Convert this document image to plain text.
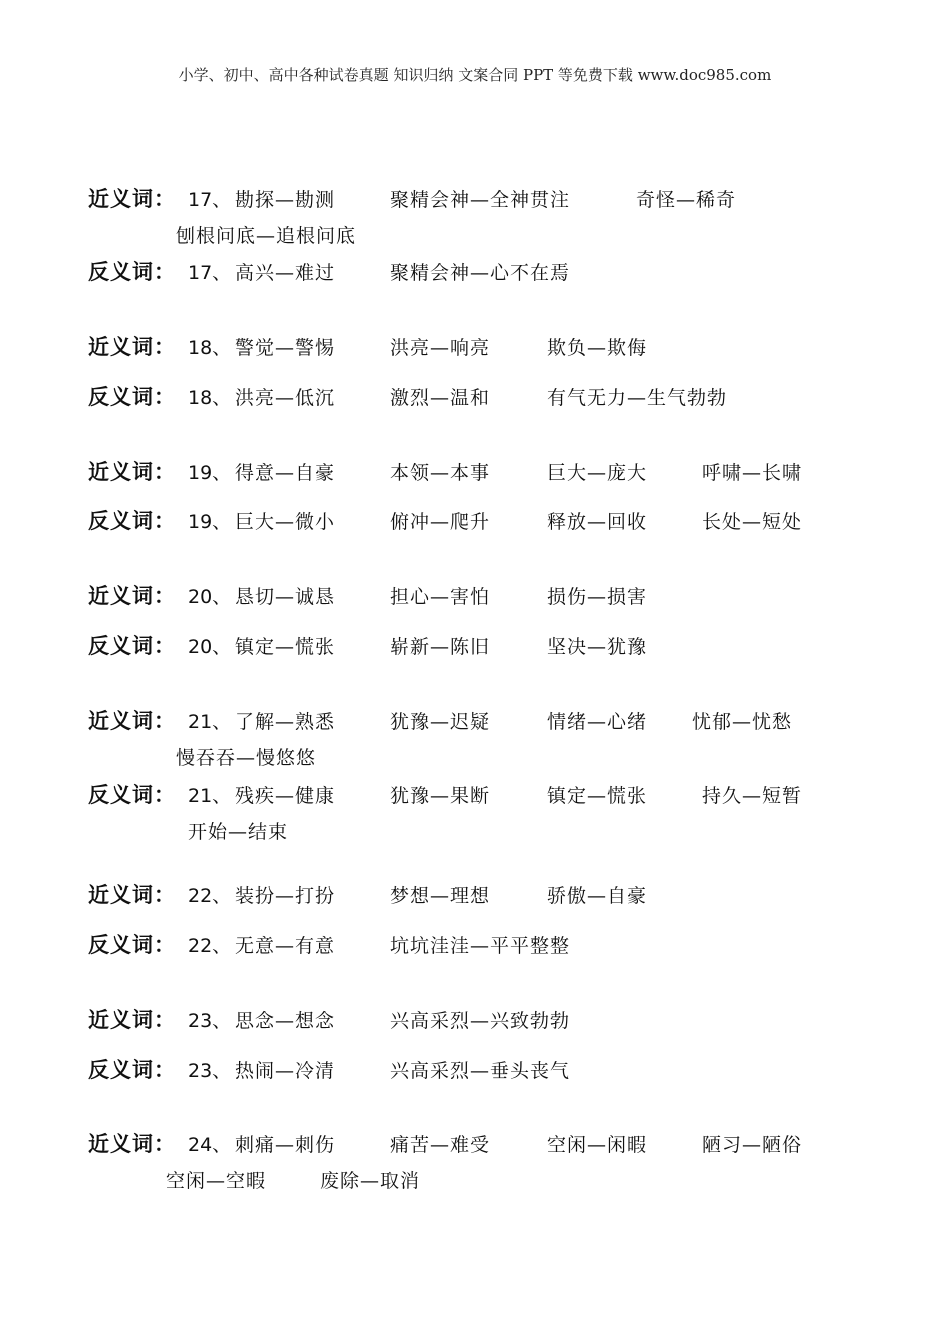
小学、初中、高中各种试卷真题 知识归纳 文案合同 PPT 等免费下载 www.doc985.com
近义词： 17、 勘探—勘测	聚精会神—全神贯注	奇怪—稀奇
刨根问底—追根问底
反义词： 17、 高兴—难过	聚精会神—心不在焉
近义词： 18、 警觉—警惕	洪亮—响亮	欺负—欺侮
反义词： 18、 洪亮—低沉	激烈—温和	有气无力—生气勃勃
近义词： 19、 得意—自豪	本领—本事	巨大—庞大	呼啸—长啸
反义词： 19、 巨大—微小	俯冲—爬升	释放—回收	长处—短处
近义词： 20、 恳切—诚恳	担心—害怕	损伤—损害
反义词： 20、 镇定—慌张	崭新—陈旧	坚决—犹豫
近义词： 21、 了解—熟悉	犹豫—迟疑	情绪—心绪 忧郁—忧愁
慢吞吞—慢悠悠
反义词： 21、 残疾—健康	犹豫—果断	镇定—慌张	持久—短暂
开始—结束
近义词： 22、 装扮—打扮	梦想—理想	骄傲—自豪
反义词： 22、 无意—有意	坑坑洼洼—平平整整
近义词： 23、 思念—想念	兴高采烈—兴致勃勃
反义词： 23、 热闹—冷清	兴高采烈—垂头丧气
近义词： 24、 刺痛—刺伤	痛苦—难受	空闲—闲暇	陋习—陋俗
空闲—空暇	废除—取消
